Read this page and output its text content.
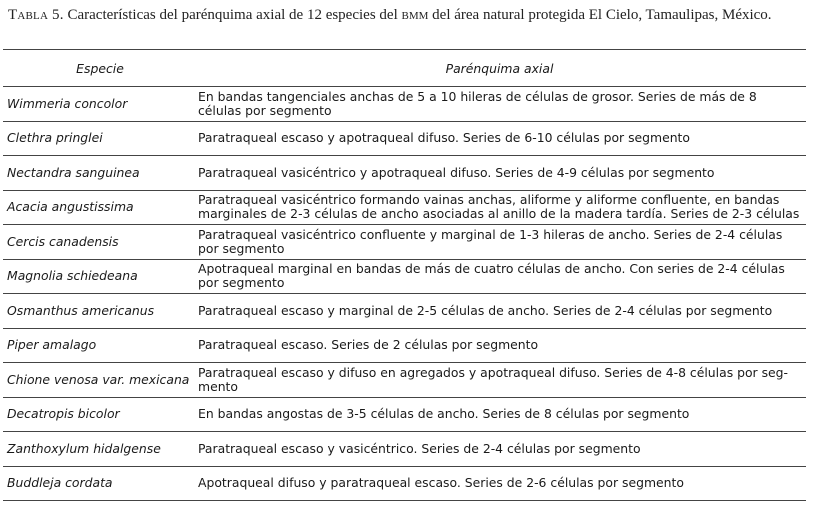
Tabla 5. Características del parénquima axial de 12 especies del bmm del área natural protegida El Cielo, Tamaulipas, México.
Especie	Parénquima axial
Wimmeria concolor	En bandas tangenciales anchas de 5 a 10 hileras de células de grosor. Series de más de 8 células por segmento
Clethra pringlei	Paratraqueal escaso y apotraqueal difuso. Series de 6-10 células por segmento
Nectandra sanguinea	Paratraqueal vasicéntrico y apotraqueal difuso. Series de 4-9 células por segmento
Acacia angustissima	Paratraqueal vasicéntrico formando vainas anchas, aliforme y aliforme confluente, en bandas marginales de 2-3 células de ancho asociadas al anillo de la madera tardía. Series de 2-3 células
Cercis canadensis	Paratraqueal vasicéntrico confluente y marginal de 1-3 hileras de ancho. Series de 2-4 células por segmento
Magnolia schiedeana	Apotraqueal marginal en bandas de más de cuatro células de ancho. Con series de 2-4 células por segmento
Osmanthus americanus	Paratraqueal escaso y marginal de 2-5 células de ancho. Series de 2-4 células por segmento
Piper amalago	Paratraqueal escaso. Series de 2 células por segmento
Chione venosa var. mexicana	Paratraqueal escaso y difuso en agregados y apotraqueal difuso. Series de 4-8 células por seg-mento
Decatropis bicolor	En bandas angostas de 3-5 células de ancho. Series de 8 células por segmento
Zanthoxylum hidalgense	Paratraqueal escaso y vasicéntrico. Series de 2-4 células por segmento
Buddleja cordata	Apotraqueal difuso y paratraqueal escaso. Series de 2-6 células por segmento
